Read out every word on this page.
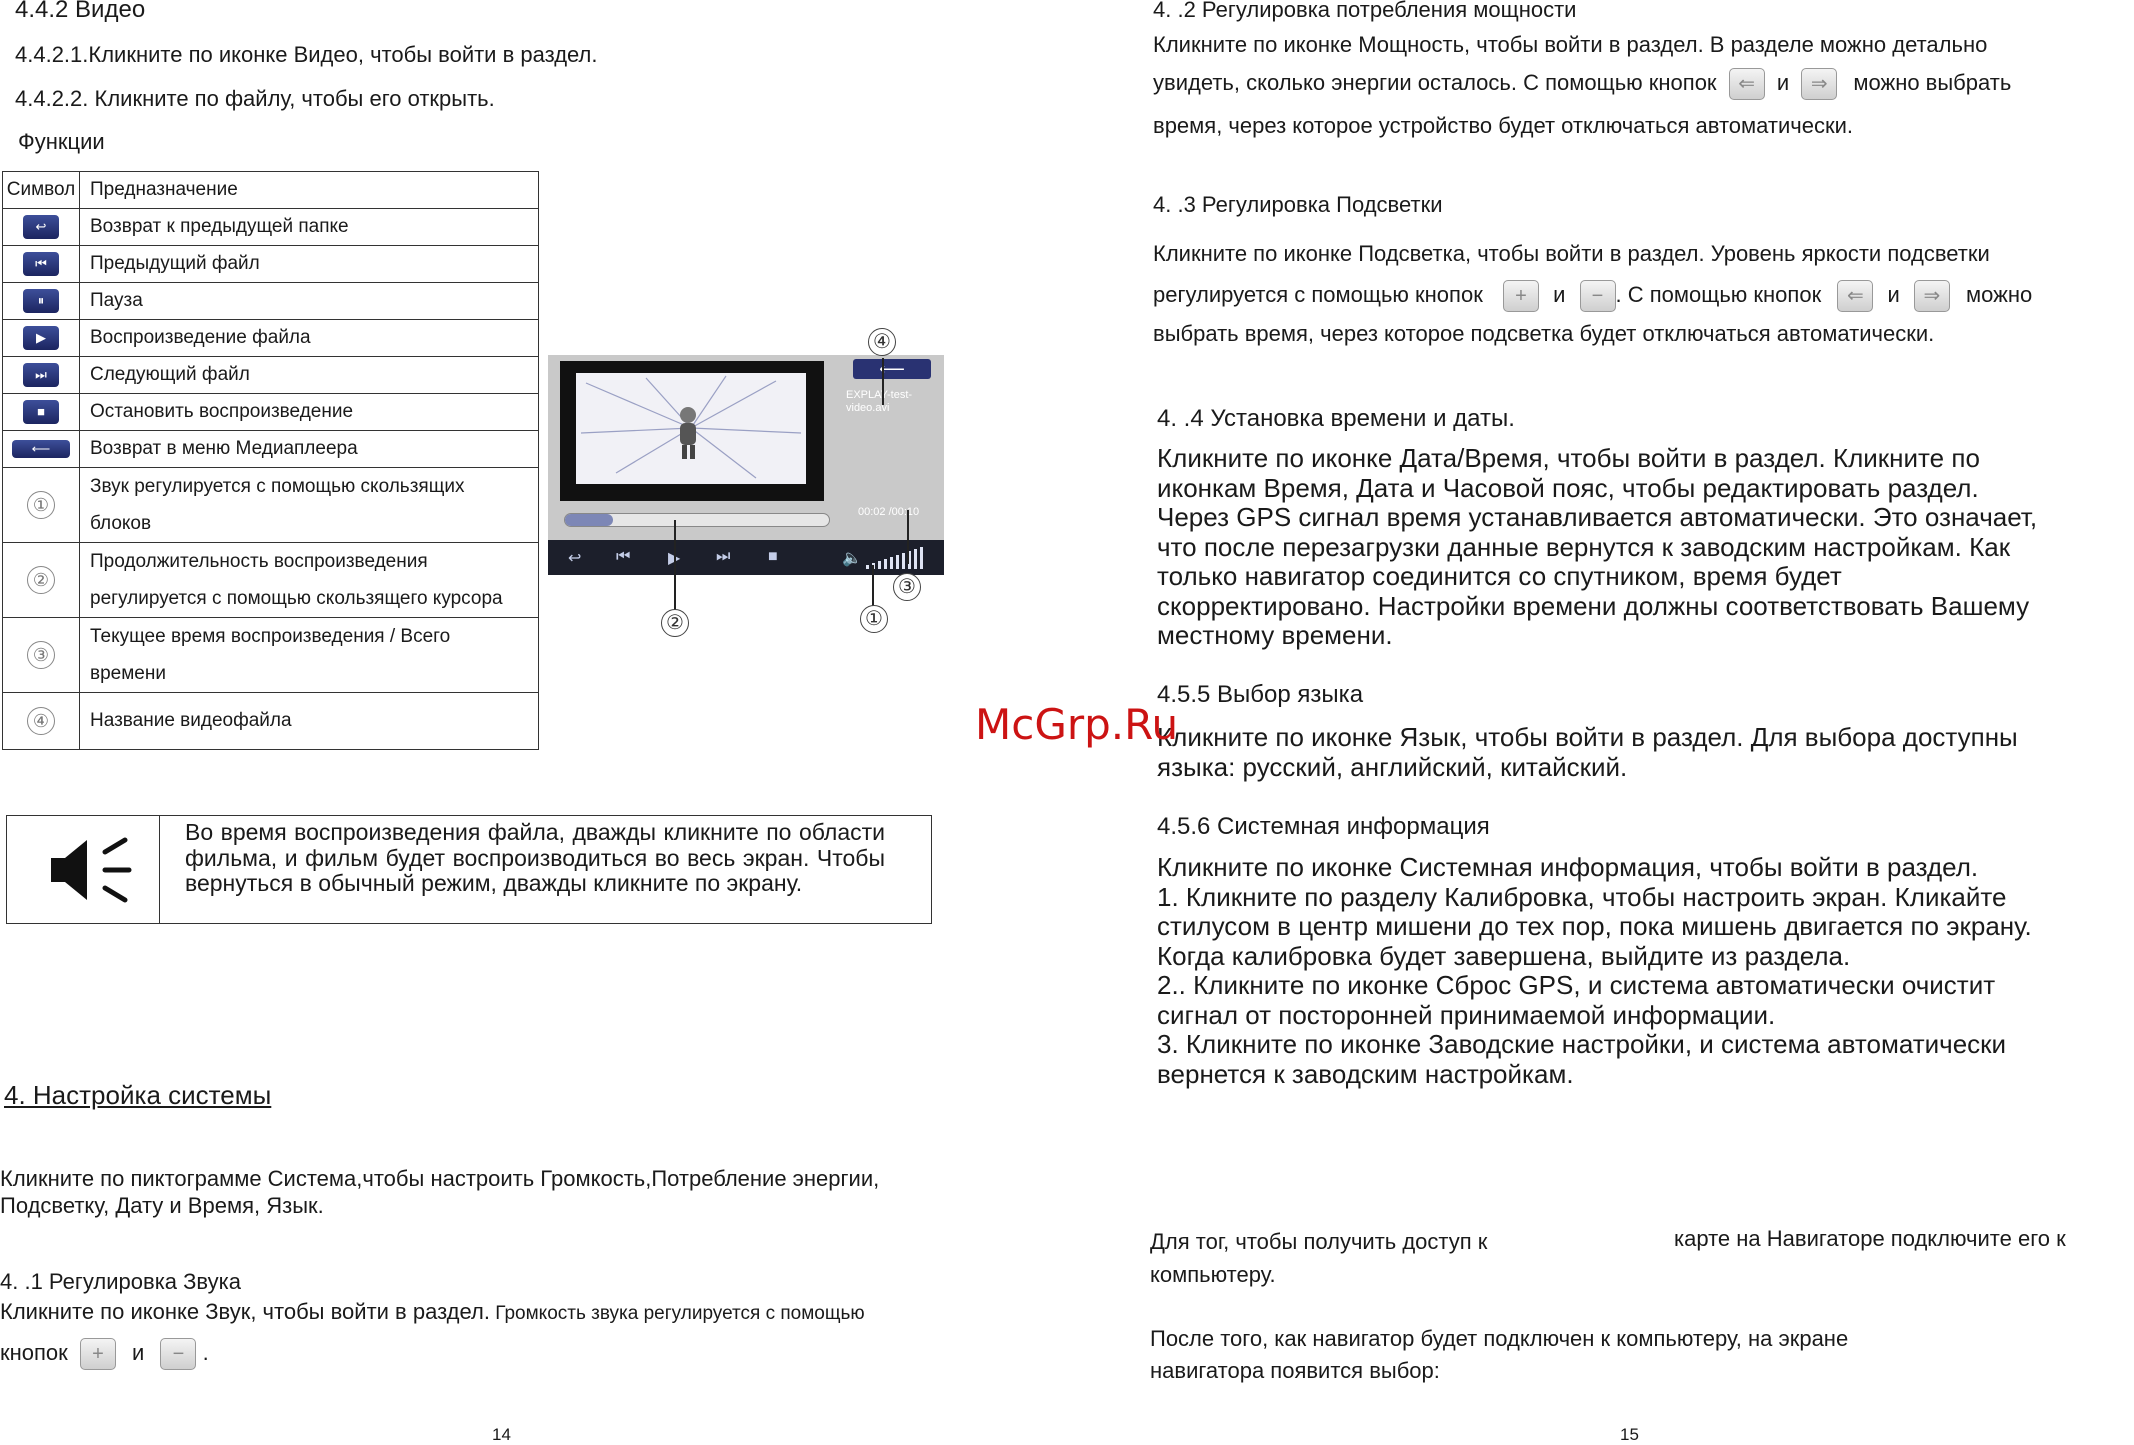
4.4.2 Видео
4.4.2.1.Кликните по иконке Видео, чтобы войти в раздел.
4.4.2.2. Кликните по файлу, чтобы его открыть.
Функции
Символ	Предназначение
↩	Возврат к предыдущей папке
⏮	Предыдущий файл
⏸	Пауза
▶	Воспроизведение файла
⏭	Следующий файл
■	Остановить воспроизведение
⟵	Возврат в меню Медиаплеера
①	Звук регулируется с помощью скользящих
блоков

②	Продолжительность воспроизведения
регулируется с помощью скользящего курсора

③	Текущее время воспроизведения / Всего
времени

④	Название видеофайла
⟵
EXPLAY-test-video.avi
00:02 /00:10
↩ ⏮ ▶ ⏭ ■	🔈
④
②	①
③
Во время воспроизведения файла, дважды кликните по области фильма, и фильм будет воспроизводиться во весь экран. Чтобы вернуться в обычный режим, дважды кликните по экрану.
4. Настройка системы
Кликните по пиктограмме Система,чтобы настроить Громкость,Потребление энергии,
Подсветку, Дату и Время, Язык.
4. .1 Регулировка Звука
Кликните по иконке Звук, чтобы войти в раздел. Громкость звука регулируется с помощью
кнопок + и − .
14
4. .2 Регулировка потребления мощности
Кликните по иконке Мощность, чтобы войти в раздел. В разделе можно детально
увидеть, сколько энергии осталось. С помощью кнопок ⇐ и ⇒ можно выбрать
время, через которое устройство будет отключаться автоматически.
4. .3 Регулировка Подсветки
Кликните по иконке Подсветка, чтобы войти в раздел. Уровень яркости подсветки
регулируется с помощью кнопок + и − . С помощью кнопок ⇐ и ⇒ можно
выбрать время, через которое подсветка будет отключаться автоматически.
4. .4 Установка времени и даты.
Кликните по иконке Дата/Время, чтобы войти в раздел. Кликните по
иконкам Время, Дата и Часовой пояс, чтобы редактировать раздел.
Через GPS сигнал время устанавливается автоматически. Это означает,
что после перезагрузки данные вернутся к заводским настройкам. Как
только навигатор соединится со спутником, время будет
скорректировано. Настройки времени должны соответствовать Вашему
местному времени.
4.5.5 Выбор языка
Кликните по иконке Язык, чтобы войти в раздел. Для выбора доступны
языка: русский, английский, китайский.
4.5.6 Системная информация
Кликните по иконке Системная информация, чтобы войти в раздел.
1. Кликните по разделу Калибровка, чтобы настроить экран. Кликайте
стилусом в центр мишени до тех пор, пока мишень двигается по экрану.
Когда калибровка будет завершена, выйдите из раздела.
2.. Кликните по иконке Сброс GPS, и система автоматически очистит
сигнал от посторонней принимаемой информации.
3. Кликните по иконке Заводские настройки, и система автоматически
вернется к заводским настройкам.
Для тог, чтобы получить доступ к	карте на Навигаторе подключите его к
компьютеру.
После того, как навигатор будет подключен к компьютеру, на экране
навигатора появится выбор:
15
McGrp.Ru
